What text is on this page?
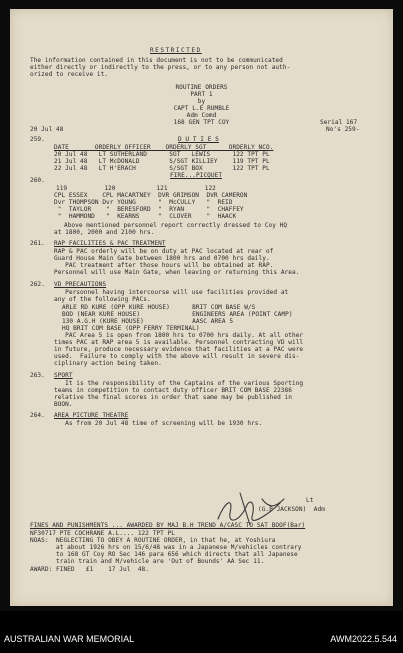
RESTRICTED
The information contained in this document is not to be communicated
either directly or indirectly to the press, or to any person not auth-
orized to receive it.
ROUTINE ORDERS
PART 1
by
CAPT L.E RUMBLE
Adm Comd
168 GEN TPT COY	Serial 167
20 Jul 48	No's 259-
259.	D U T I E S
DATE       ORDERLY OFFICER    ORDERLY SGT      ORDERLY NCO.
20 Jul 48   LT SUTHERLAND      SGT   LEWIS      122 TPT PL
21 Jul 48   LT McDONALD        S/SGT KILLIEY    119 TPT PL
22 Jul 48   LT H'ERACH         S/SGT BOX        122 TPT PL
260.
FIRE...PICQUET
119          120           121          122
CPL ESSEX    CPL MACARTNEY  DVR GRIMSON  DVR CAMERON
Dvr THOMPSON Dvr YOUNG      "  McCULLY   "  REID
"  TAYLOR    "  BERESFORD  "  RYAN      "  CHAFFEY
"  HAMMOND   "  KEARNS     "  CLOVER    "  HAACK
Above mentioned personnel report correctly dressed to Coy HQ
at 1800, 2000 and 2100 hrs.
261. RAP FACILITIES & PAC TREATMENT
RAP & PAC orderly will be on duty at PAC located at rear of
Guard House Main Gate between 1800 hrs and 0700 hrs daily.
PAC treatment after those hours will be obtained at RAP.
Personnel will use Main Gate, when leaving or returning this Area.
262. VD PRECAUTIONS
Personnel having intercourse will use facilities provided at
any of the following PACs.
ARLE RD KURE (OPP KURE HOUSE)      BRIT COM BASE W/S
BOD (NEAR KURE HOUSE)              ENGINEERS AREA (POINT CAMP)
130 A.G.H (KURE HOUSE)             AASC AREA 5
HQ BRIT COM BASE (OPP FERRY TERMINAL)
PAC Area 5 is open from 1800 hrs to 0700 hrs daily. At all other
times PAC at RAP area 5 is available. Personnel contracting VD will
in future, produce necessary evidence that facilities at a PAC were
used.  Failure to comply with the above will result in severe dis-
ciplinary action being taken.
263. SPORT
It is the responsibility of the Captains of the various Sporting
teams in competition to contact duty officer BRIT COM BASE 22386
relative the final scores in order that same may be published in
BOON.
264. AREA PICTURE THEATRE
As from 20 Jul 48 time of screening will be 1930 hrs.
Lt
(G.P JACKSON)  Adm
FINES AND PUNISHMENTS ... AWARDED BY MAJ B.H TREND A/CASC TO SAT BOOF(Bar)
NF30717 PTE COCHRANE A.L.... 122 TPT PL
NOAS:  NEGLECTING TO OBEY A ROUTINE ORDER, in that he, at Yoshiura
at about 1926 hrs on 15/6/48 was in a Japanese M/vehicles contrary
to 168 GT Coy RO Sec 146 para 656 which directs that all Japanese
train train and M/vehicle are 'Out of Bounds' AA Sec 11.
AWARD: FINED   £1    17 Jul  48.
AUSTRALIAN WAR MEMORIAL	AWM2022.5.544
